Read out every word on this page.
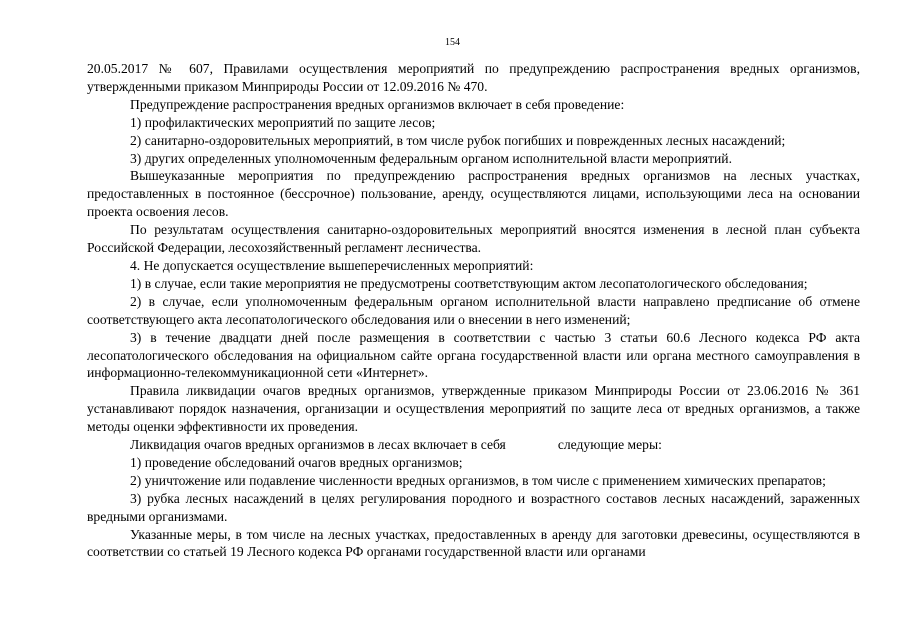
154

20.05.2017 № 607, Правилами осуществления мероприятий по предупреждению распространения вредных организмов, утвержденными приказом Минприроды России от 12.09.2016 № 470.

Предупреждение распространения вредных организмов включает в себя проведение:

1) профилактических мероприятий по защите лесов;

2) санитарно-оздоровительных мероприятий, в том числе рубок погибших и поврежденных лесных насаждений;

3) других определенных уполномоченным федеральным органом исполнительной власти мероприятий.

Вышеуказанные мероприятия по предупреждению распространения вредных организмов на лесных участках, предоставленных в постоянное (бессрочное) пользование, аренду, осуществляются лицами, использующими леса на основании проекта освоения лесов.

По результатам осуществления санитарно-оздоровительных мероприятий вносятся изменения в лесной план субъекта Российской Федерации, лесохозяйственный регламент лесничества.

4. Не допускается осуществление вышеперечисленных мероприятий:

1) в случае, если такие мероприятия не предусмотрены соответствующим актом лесопатологического обследования;

2) в случае, если уполномоченным федеральным органом исполнительной власти направлено предписание об отмене соответствующего акта лесопатологического обследования или о внесении в него изменений;

3) в течение двадцати дней после размещения в соответствии с частью 3 статьи 60.6 Лесного кодекса РФ акта лесопатологического обследования на официальном сайте органа государственной власти или органа местного самоуправления в информационно-телекоммуникационной сети «Интернет».

Правила ликвидации очагов вредных организмов, утвержденные приказом Минприроды России от 23.06.2016 № 361 устанавливают порядок назначения, организации и осуществления мероприятий по защите леса от вредных организмов, а также методы оценки эффективности их проведения.

Ликвидация очагов вредных организмов в лесах включает в себя	следующие меры:

1) проведение обследований очагов вредных организмов;

2) уничтожение или подавление численности вредных организмов, в том числе с применением химических препаратов;

3) рубка лесных насаждений в целях регулирования породного и возрастного составов лесных насаждений, зараженных вредными организмами.

Указанные меры, в том числе на лесных участках, предоставленных в аренду для заготовки древесины, осуществляются в соответствии со статьей 19 Лесного кодекса РФ органами государственной власти или органами
